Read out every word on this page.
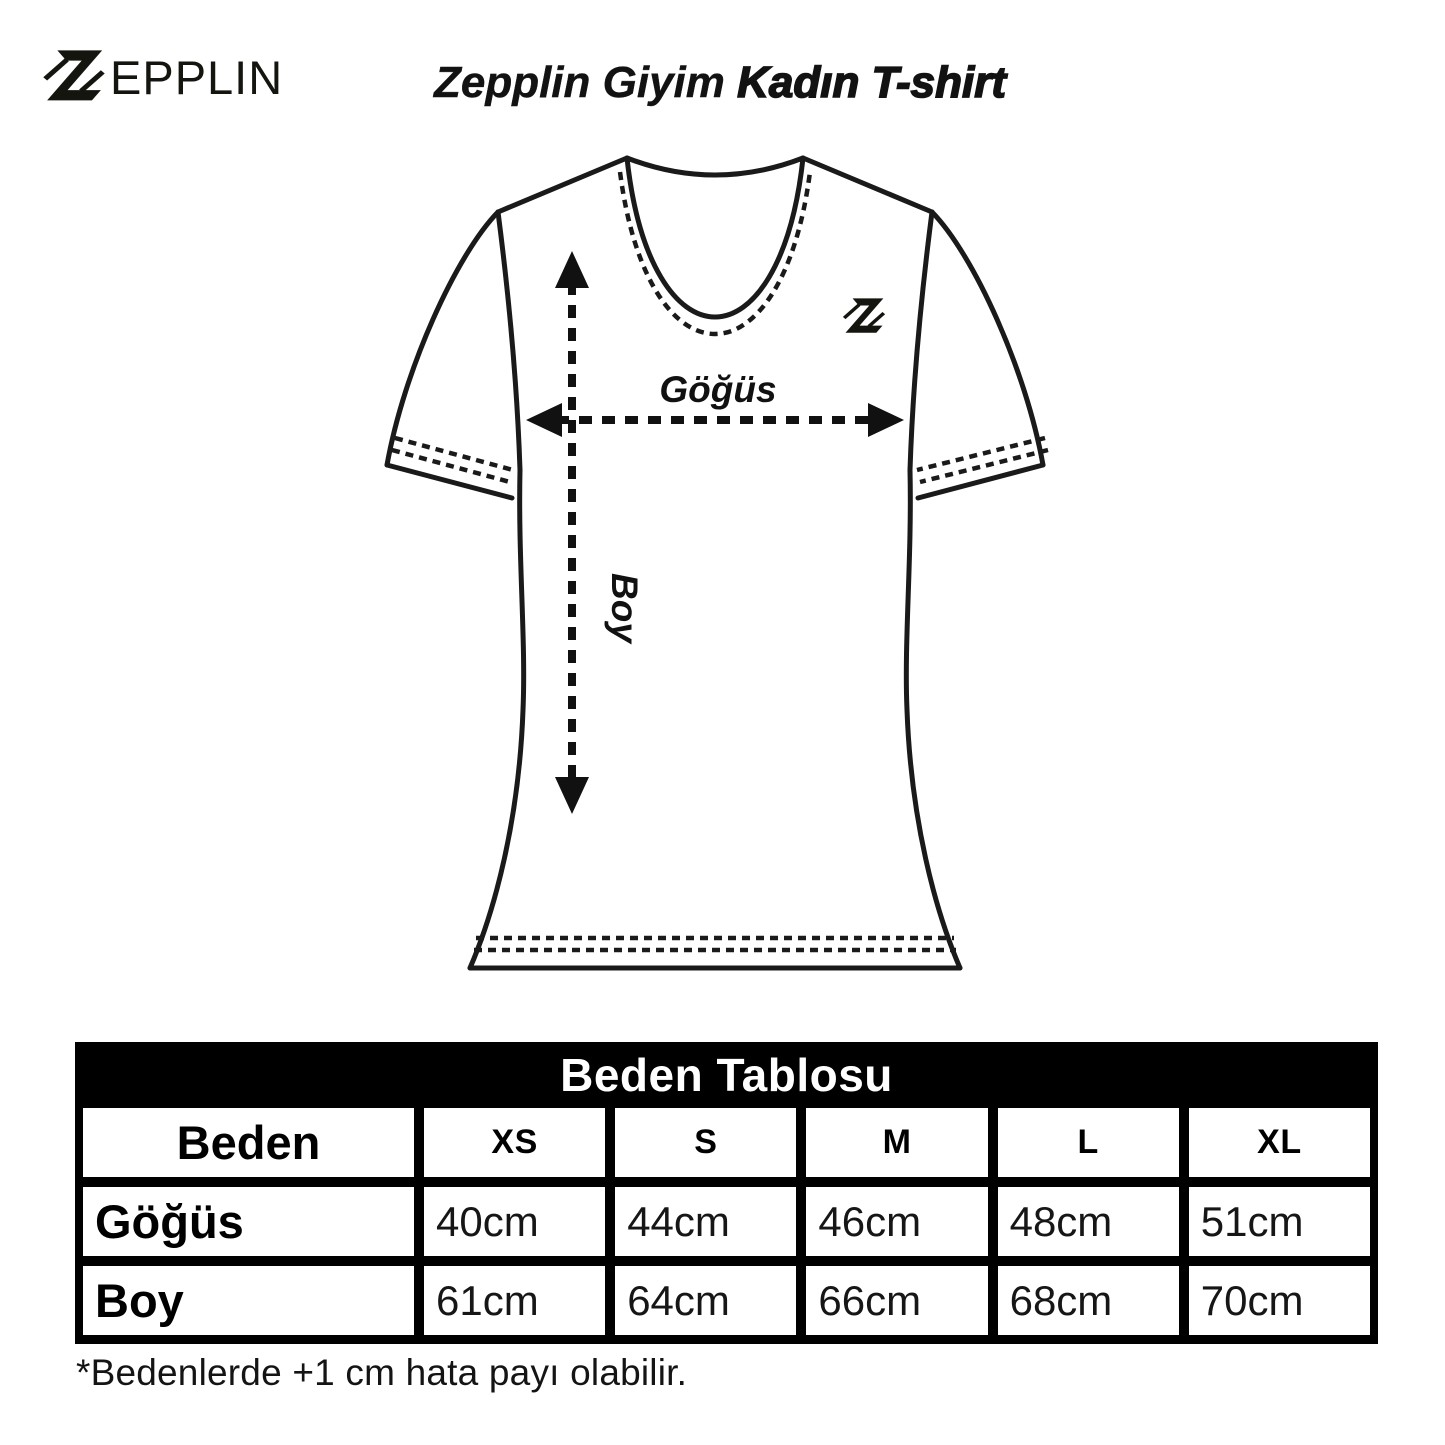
EPPLIN	Zepplin Giyim Kadın T-shirt
Göğüs
Boy
Beden Tablosu
Beden	XS	S	M	L	XL
Göğüs	40cm	44cm	46cm	48cm	51cm
Boy	61cm	64cm	66cm	68cm	70cm
*Bedenlerde +1 cm hata payı olabilir.
